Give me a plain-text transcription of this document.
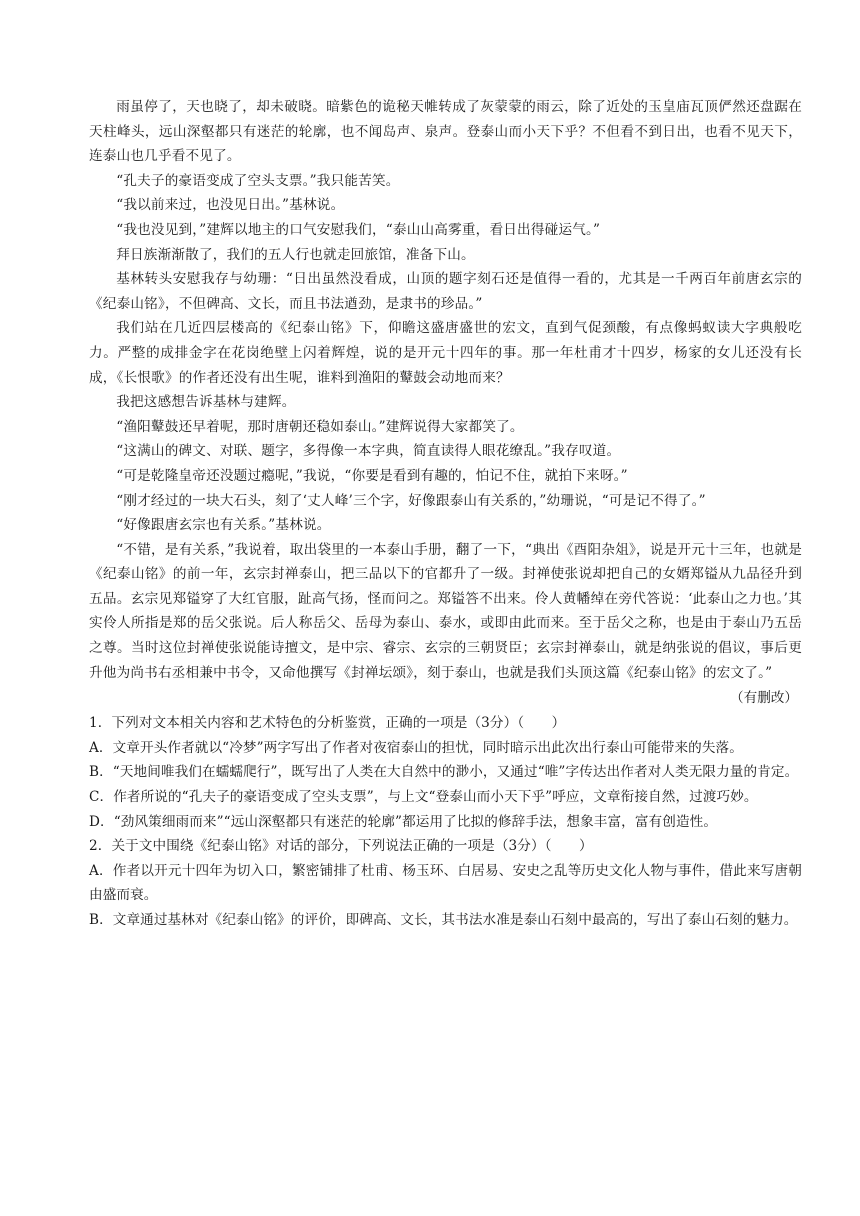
雨虽停了，天也晓了，却未破晓。暗紫色的诡秘天帷转成了灰蒙蒙的雨云，除了近处的玉皇庙瓦顶俨然还盘踞在天柱峰头，远山深壑都只有迷茫的轮廓，也不闻岛声、泉声。登泰山而小天下乎？不但看不到日出，也看不见天下，连泰山也几乎看不见了。

“孔夫子的豪语变成了空头支票。”我只能苦笑。

“我以前来过，也没见日出。”基林说。

“我也没见到，”建辉以地主的口气安慰我们，“泰山山高雾重，看日出得碰运气。”

拜日族渐渐散了，我们的五人行也就走回旅馆，准备下山。

基林转头安慰我存与幼珊：“日出虽然没看成，山顶的题字刻石还是值得一看的，尤其是一千两百年前唐玄宗的《纪泰山铭》，不但碑高、文长，而且书法遒劲，是隶书的珍品。”

我们站在几近四层楼高的《纪泰山铭》下，仰瞻这盛唐盛世的宏文，直到气促颈酸，有点像蚂蚁读大字典般吃力。严整的成排金字在花岗绝壁上闪着辉煌，说的是开元十四年的事。那一年杜甫才十四岁，杨家的女儿还没有长成，《长恨歌》的作者还没有出生呢，谁料到渔阳的鼙鼓会动地而来？

我把这感想告诉基林与建辉。

“渔阳鼙鼓还早着呢，那时唐朝还稳如泰山。”建辉说得大家都笑了。

“这满山的碑文、对联、题字，多得像一本字典，简直读得人眼花缭乱。”我存叹道。

“可是乾隆皇帝还没题过瘾呢，”我说，“你要是看到有趣的，怕记不住，就拍下来呀。”

“刚才经过的一块大石头，刻了‘丈人峰’三个字，好像跟泰山有关系的，”幼珊说，“可是记不得了。”

“好像跟唐玄宗也有关系。”基林说。

“不错，是有关系，”我说着，取出袋里的一本泰山手册，翻了一下，“典出《酉阳杂俎》，说是开元十三年，也就是《纪泰山铭》的前一年，玄宗封禅泰山，把三品以下的官都升了一级。封禅使张说却把自己的女婿郑镒从九品径升到五品。玄宗见郑镒穿了大红官服，趾高气扬，怪而问之。郑镒答不出来。伶人黄幡绰在旁代答说：‘此泰山之力也。’其实伶人所指是郑的岳父张说。后人称岳父、岳母为泰山、泰水，或即由此而来。至于岳父之称，也是由于泰山乃五岳之尊。当时这位封禅使张说能诗擅文，是中宗、睿宗、玄宗的三朝贤臣；玄宗封禅泰山，就是纳张说的倡议，事后更升他为尚书右丞相兼中书令，又命他撰写《封禅坛颂》，刻于泰山，也就是我们头顶这篇《纪泰山铭》的宏文了。”

（有删改）

1．下列对文本相关内容和艺术特色的分析鉴赏，正确的一项是（3分）（　　）

A．文章开头作者就以“冷梦”两字写出了作者对夜宿泰山的担忧，同时暗示出此次出行泰山可能带来的失落。

B．“天地间唯我们在蠕蠕爬行”，既写出了人类在大自然中的渺小，又通过“唯”字传达出作者对人类无限力量的肯定。

C．作者所说的“孔夫子的豪语变成了空头支票”，与上文“登泰山而小天下乎”呼应，文章衔接自然，过渡巧妙。

D．“劲风策细雨而来”“远山深壑都只有迷茫的轮廓”都运用了比拟的修辞手法，想象丰富，富有创造性。

2．关于文中围绕《纪泰山铭》对话的部分，下列说法正确的一项是（3分）（　　）

A．作者以开元十四年为切入口，繁密铺排了杜甫、杨玉环、白居易、安史之乱等历史文化人物与事件，借此来写唐朝由盛而衰。

B．文章通过基林对《纪泰山铭》的评价，即碑高、文长，其书法水准是泰山石刻中最高的，写出了泰山石刻的魅力。
